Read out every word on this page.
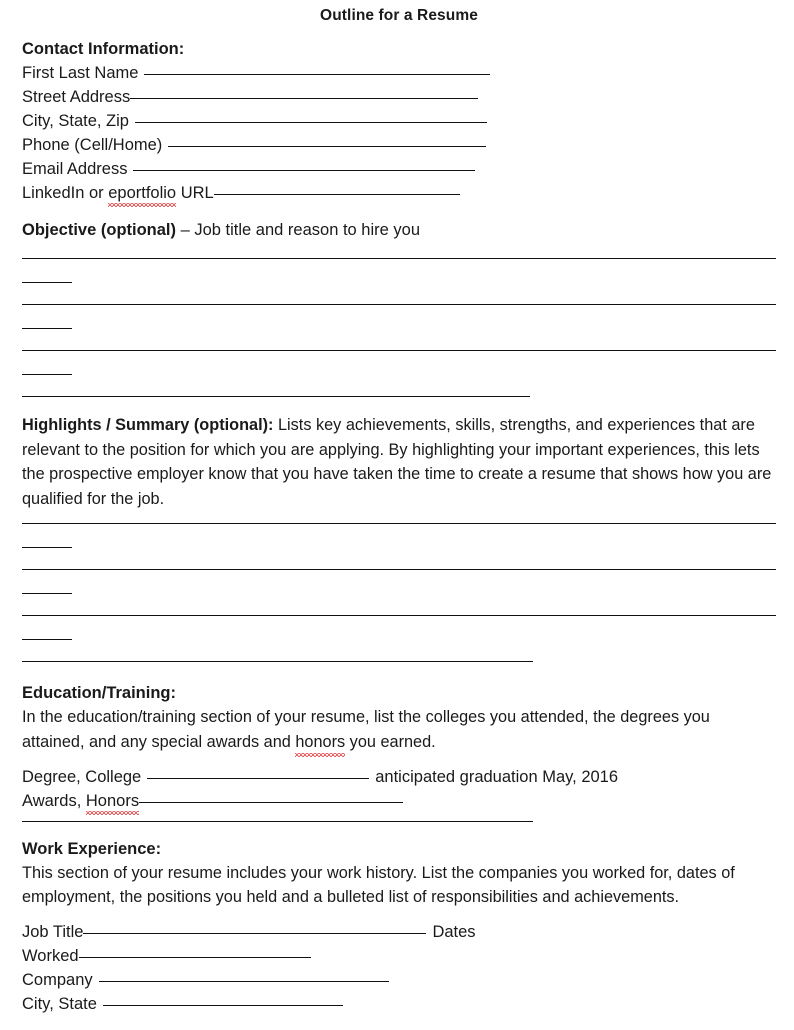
Outline for a Resume
Contact Information:
First Last Name
Street Address
City, State, Zip
Phone (Cell/Home)
Email Address
LinkedIn or eportfolio URL
Objective (optional) – Job title and reason to hire you
Highlights / Summary (optional): Lists key achievements, skills, strengths, and experiences that are relevant to the position for which you are applying. By highlighting your important experiences, this lets the prospective employer know that you have taken the time to create a resume that shows how you are qualified for the job.
Education/Training:
In the education/training section of your resume, list the colleges you attended, the degrees you attained, and any special awards and honors you earned.
Degree, College	anticipated graduation May, 2016
Awards, Honors
Work Experience:
This section of your resume includes your work history. List the companies you worked for, dates of employment, the positions you held and a bulleted list of responsibilities and achievements.
Job Title	Dates
Worked
Company
City, State
